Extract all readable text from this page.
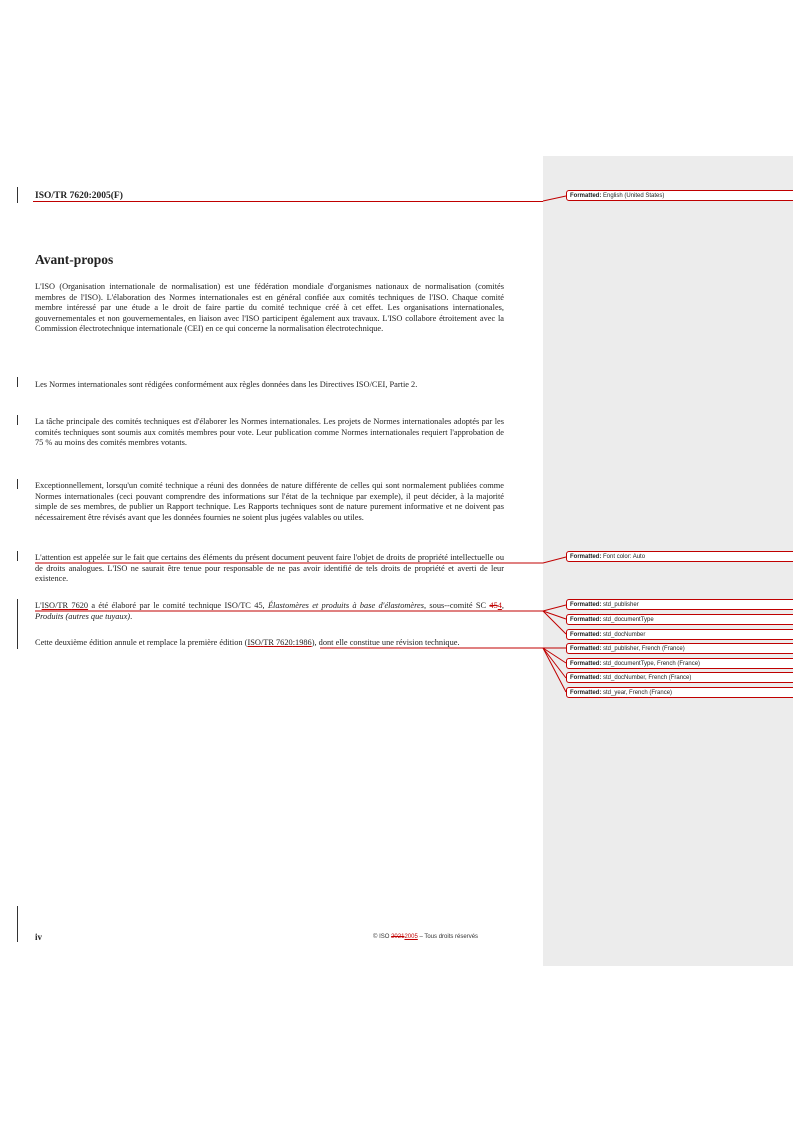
ISO/TR 7620:2005(F)
Avant-propos
L'ISO (Organisation internationale de normalisation) est une fédération mondiale d'organismes nationaux de normalisation (comités membres de l'ISO). L'élaboration des Normes internationales est en général confiée aux comités techniques de l'ISO. Chaque comité membre intéressé par une étude a le droit de faire partie du comité technique créé à cet effet. Les organisations internationales, gouvernementales et non gouvernementales, en liaison avec l'ISO participent également aux travaux. L'ISO collabore étroitement avec la Commission électrotechnique internationale (CEI) en ce qui concerne la normalisation électrotechnique.
Les Normes internationales sont rédigées conformément aux règles données dans les Directives ISO/CEI, Partie 2.
La tâche principale des comités techniques est d'élaborer les Normes internationales. Les projets de Normes internationales adoptés par les comités techniques sont soumis aux comités membres pour vote. Leur publication comme Normes internationales requiert l'approbation de 75 % au moins des comités membres votants.
Exceptionnellement, lorsqu'un comité technique a réuni des données de nature différente de celles qui sont normalement publiées comme Normes internationales (ceci pouvant comprendre des informations sur l'état de la technique par exemple), il peut décider, à la majorité simple de ses membres, de publier un Rapport technique. Les Rapports techniques sont de nature purement informative et ne doivent pas nécessairement être révisés avant que les données fournies ne soient plus jugées valables ou utiles.
L'attention est appelée sur le fait que certains des éléments du présent document peuvent faire l'objet de droits de propriété intellectuelle ou de droits analogues. L'ISO ne saurait être tenue pour responsable de ne pas avoir identifié de tels droits de propriété et averti de leur existence.
L'ISO/TR 7620 a été élaboré par le comité technique ISO/TC 45, Élastomères et produits à base d'élastomères, sous--comité SC 454, Produits (autres que tuyaux).
Cette deuxième édition annule et remplace la première édition (ISO/TR 7620:1986), dont elle constitue une révision technique.
iv	© ISO 20212005 – Tous droits réservés
Formatted: English (United States)
Formatted: Font color: Auto
Formatted: std_publisher
Formatted: std_documentType
Formatted: std_docNumber
Formatted: std_publisher, French (France)
Formatted: std_documentType, French (France)
Formatted: std_docNumber, French (France)
Formatted: std_year, French (France)
